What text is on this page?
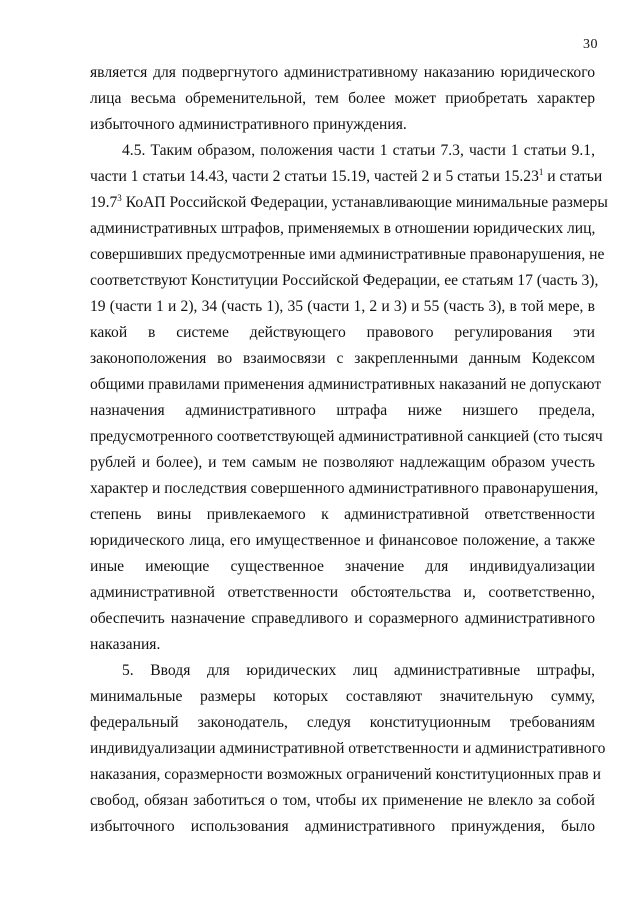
30
является для подвергнутого административному наказанию юридического
лица весьма обременительной, тем более может приобретать характер
избыточного административного принуждения.
4.5. Таким образом, положения части 1 статьи 7.3, части 1 статьи 9.1,
части 1 статьи 14.43, части 2 статьи 15.19, частей 2 и 5 статьи 15.23$^1$ и статьи
19.7$^3$ КоАП Российской Федерации, устанавливающие минимальные размеры
административных штрафов, применяемых в отношении юридических лиц,
совершивших предусмотренные ими административные правонарушения, не
соответствуют Конституции Российской Федерации, ее статьям 17 (часть 3),
19 (части 1 и 2), 34 (часть 1), 35 (части 1, 2 и 3) и 55 (часть 3), в той мере, в
какой в системе действующего правового регулирования эти
законоположения во взаимосвязи с закрепленными данным Кодексом
общими правилами применения административных наказаний не допускают
назначения административного штрафа ниже низшего предела,
предусмотренного соответствующей административной санкцией (сто тысяч
рублей и более), и тем самым не позволяют надлежащим образом учесть
характер и последствия совершенного административного правонарушения,
степень вины привлекаемого к административной ответственности
юридического лица, его имущественное и финансовое положение, а также
иные имеющие существенное значение для индивидуализации
административной ответственности обстоятельства и, соответственно,
обеспечить назначение справедливого и соразмерного административного
наказания.
5. Вводя для юридических лиц административные штрафы,
минимальные размеры которых составляют значительную сумму,
федеральный законодатель, следуя конституционным требованиям
индивидуализации административной ответственности и административного
наказания, соразмерности возможных ограничений конституционных прав и
свобод, обязан заботиться о том, чтобы их применение не влекло за собой
избыточного использования административного принуждения, было
